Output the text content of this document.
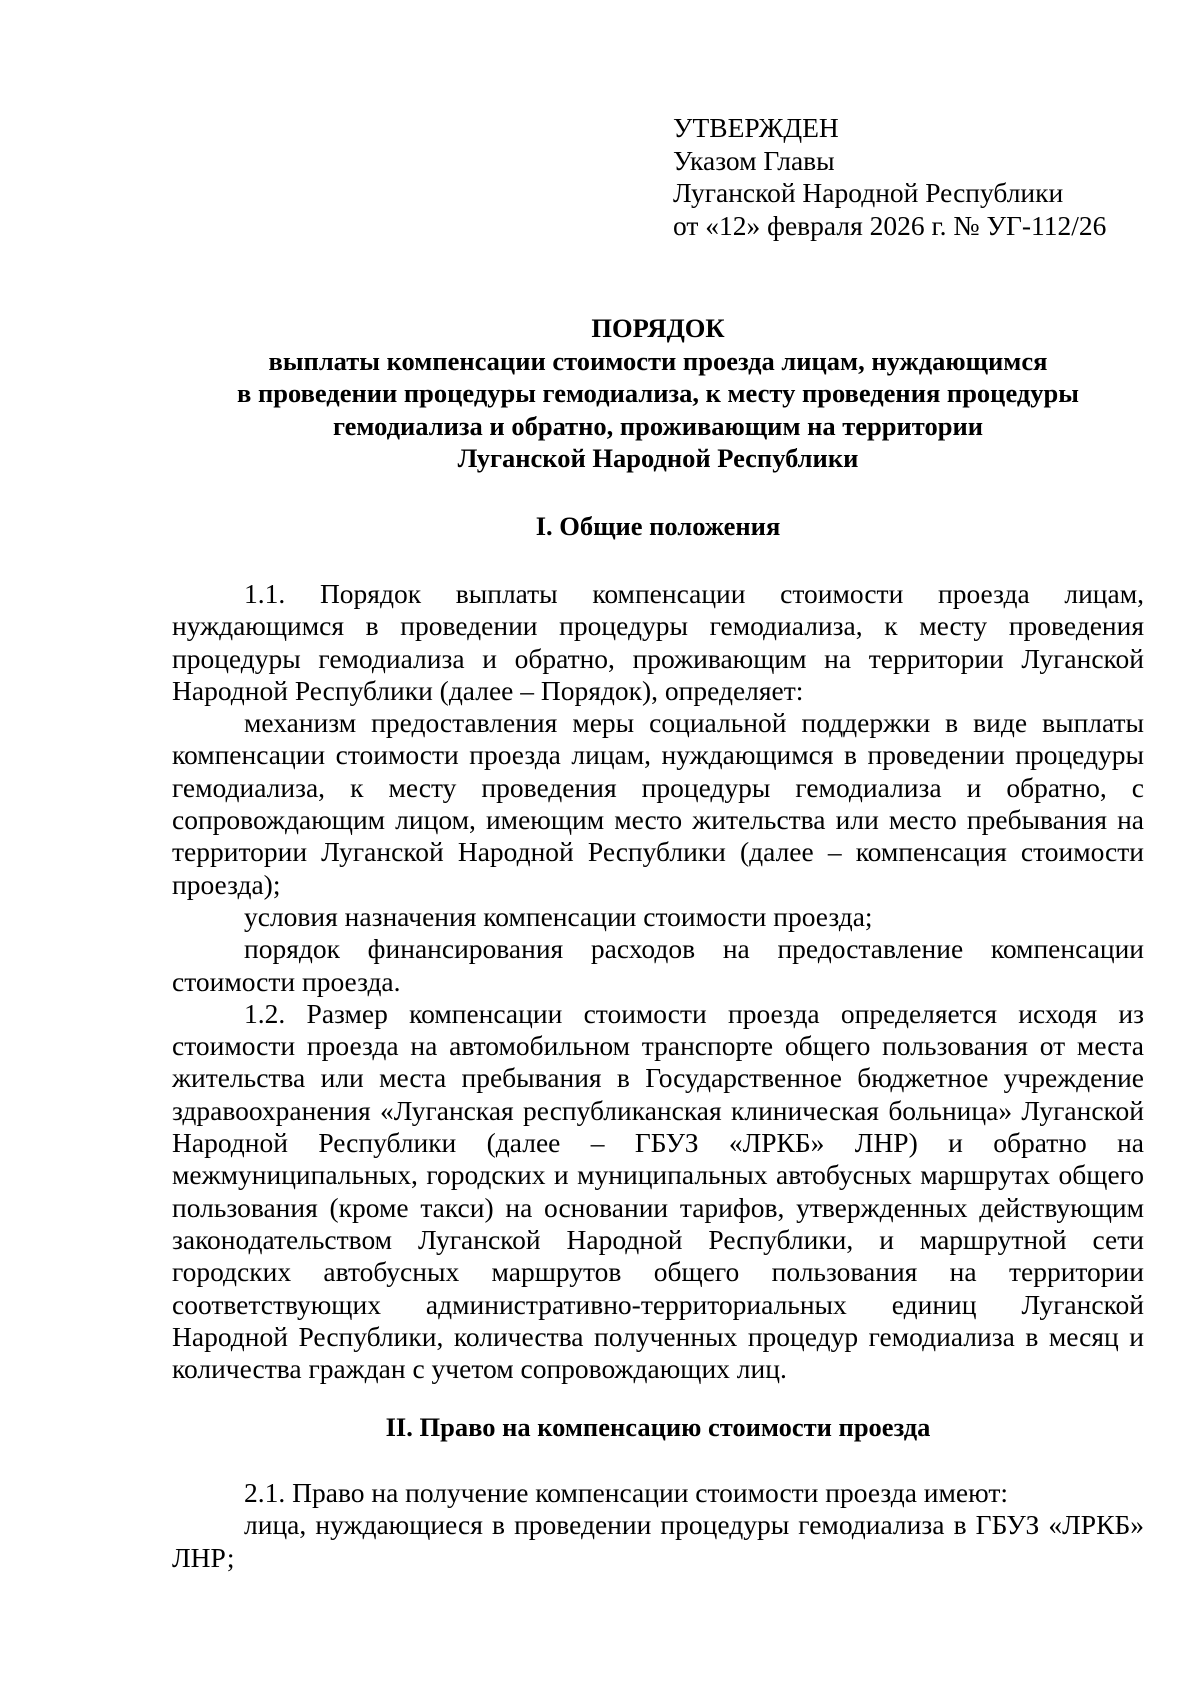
УТВЕРЖДЕН
Указом Главы
Луганской Народной Республики
от «12» февраля 2026 г. № УГ-112/26
ПОРЯДОК
выплаты компенсации стоимости проезда лицам, нуждающимся
в проведении процедуры гемодиализа, к месту проведения процедуры
гемодиализа и обратно, проживающим на территории
Луганской Народной Республики
I. Общие положения

1.1. Порядок выплаты компенсации стоимости проезда лицам, нуждающимся в проведении процедуры гемодиализа, к месту проведения процедуры гемодиализа и обратно, проживающим на территории Луганской Народной Республики (далее – Порядок), определяет:

механизм предоставления меры социальной поддержки в виде выплаты компенсации стоимости проезда лицам, нуждающимся в проведении процедуры гемодиализа, к месту проведения процедуры гемодиализа и обратно, с сопровождающим лицом, имеющим место жительства или место пребывания на территории Луганской Народной Республики (далее – компенсация стоимости проезда);

условия назначения компенсации стоимости проезда;

порядок финансирования расходов на предоставление компенсации стоимости проезда.

1.2. Размер компенсации стоимости проезда определяется исходя из стоимости проезда на автомобильном транспорте общего пользования от места жительства или места пребывания в Государственное бюджетное учреждение здравоохранения «Луганская республиканская клиническая больница» Луганской Народной Республики (далее – ГБУЗ «ЛРКБ» ЛНР) и обратно на межмуниципальных, городских и муниципальных автобусных маршрутах общего пользования (кроме такси) на основании тарифов, утвержденных действующим законодательством Луганской Народной Республики, и маршрутной сети городских автобусных маршрутов общего пользования на территории соответствующих административно-территориальных единиц Луганской Народной Республики, количества полученных процедур гемодиализа в месяц и количества граждан с учетом сопровождающих лиц.

II. Право на компенсацию стоимости проезда

2.1. Право на получение компенсации стоимости проезда имеют:

лица, нуждающиеся в проведении процедуры гемодиализа в ГБУЗ «ЛРКБ» ЛНР;
